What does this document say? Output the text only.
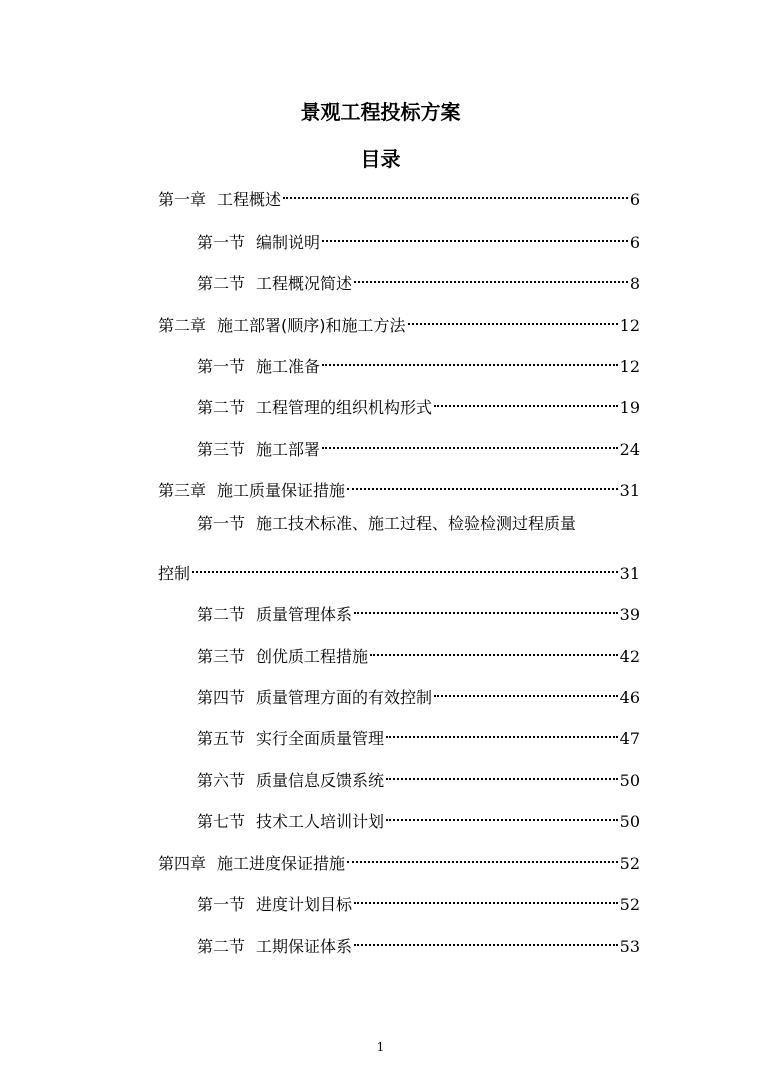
景观工程投标方案
目录
第一章 工程概述	6
第一节 编制说明	6
第二节 工程概况简述	8
第二章 施工部署(顺序)和施工方法	12
第一节 施工准备	12
第二节 工程管理的组织机构形式	19
第三节 施工部署	24
第三章 施工质量保证措施	31
第一节 施工技术标准、施工过程、检验检测过程质量
控制	31
第二节 质量管理体系	39
第三节 创优质工程措施	42
第四节 质量管理方面的有效控制	46
第五节 实行全面质量管理	47
第六节 质量信息反馈系统	50
第七节 技术工人培训计划	50
第四章 施工进度保证措施	52
第一节 进度计划目标	52
第二节 工期保证体系	53
1
